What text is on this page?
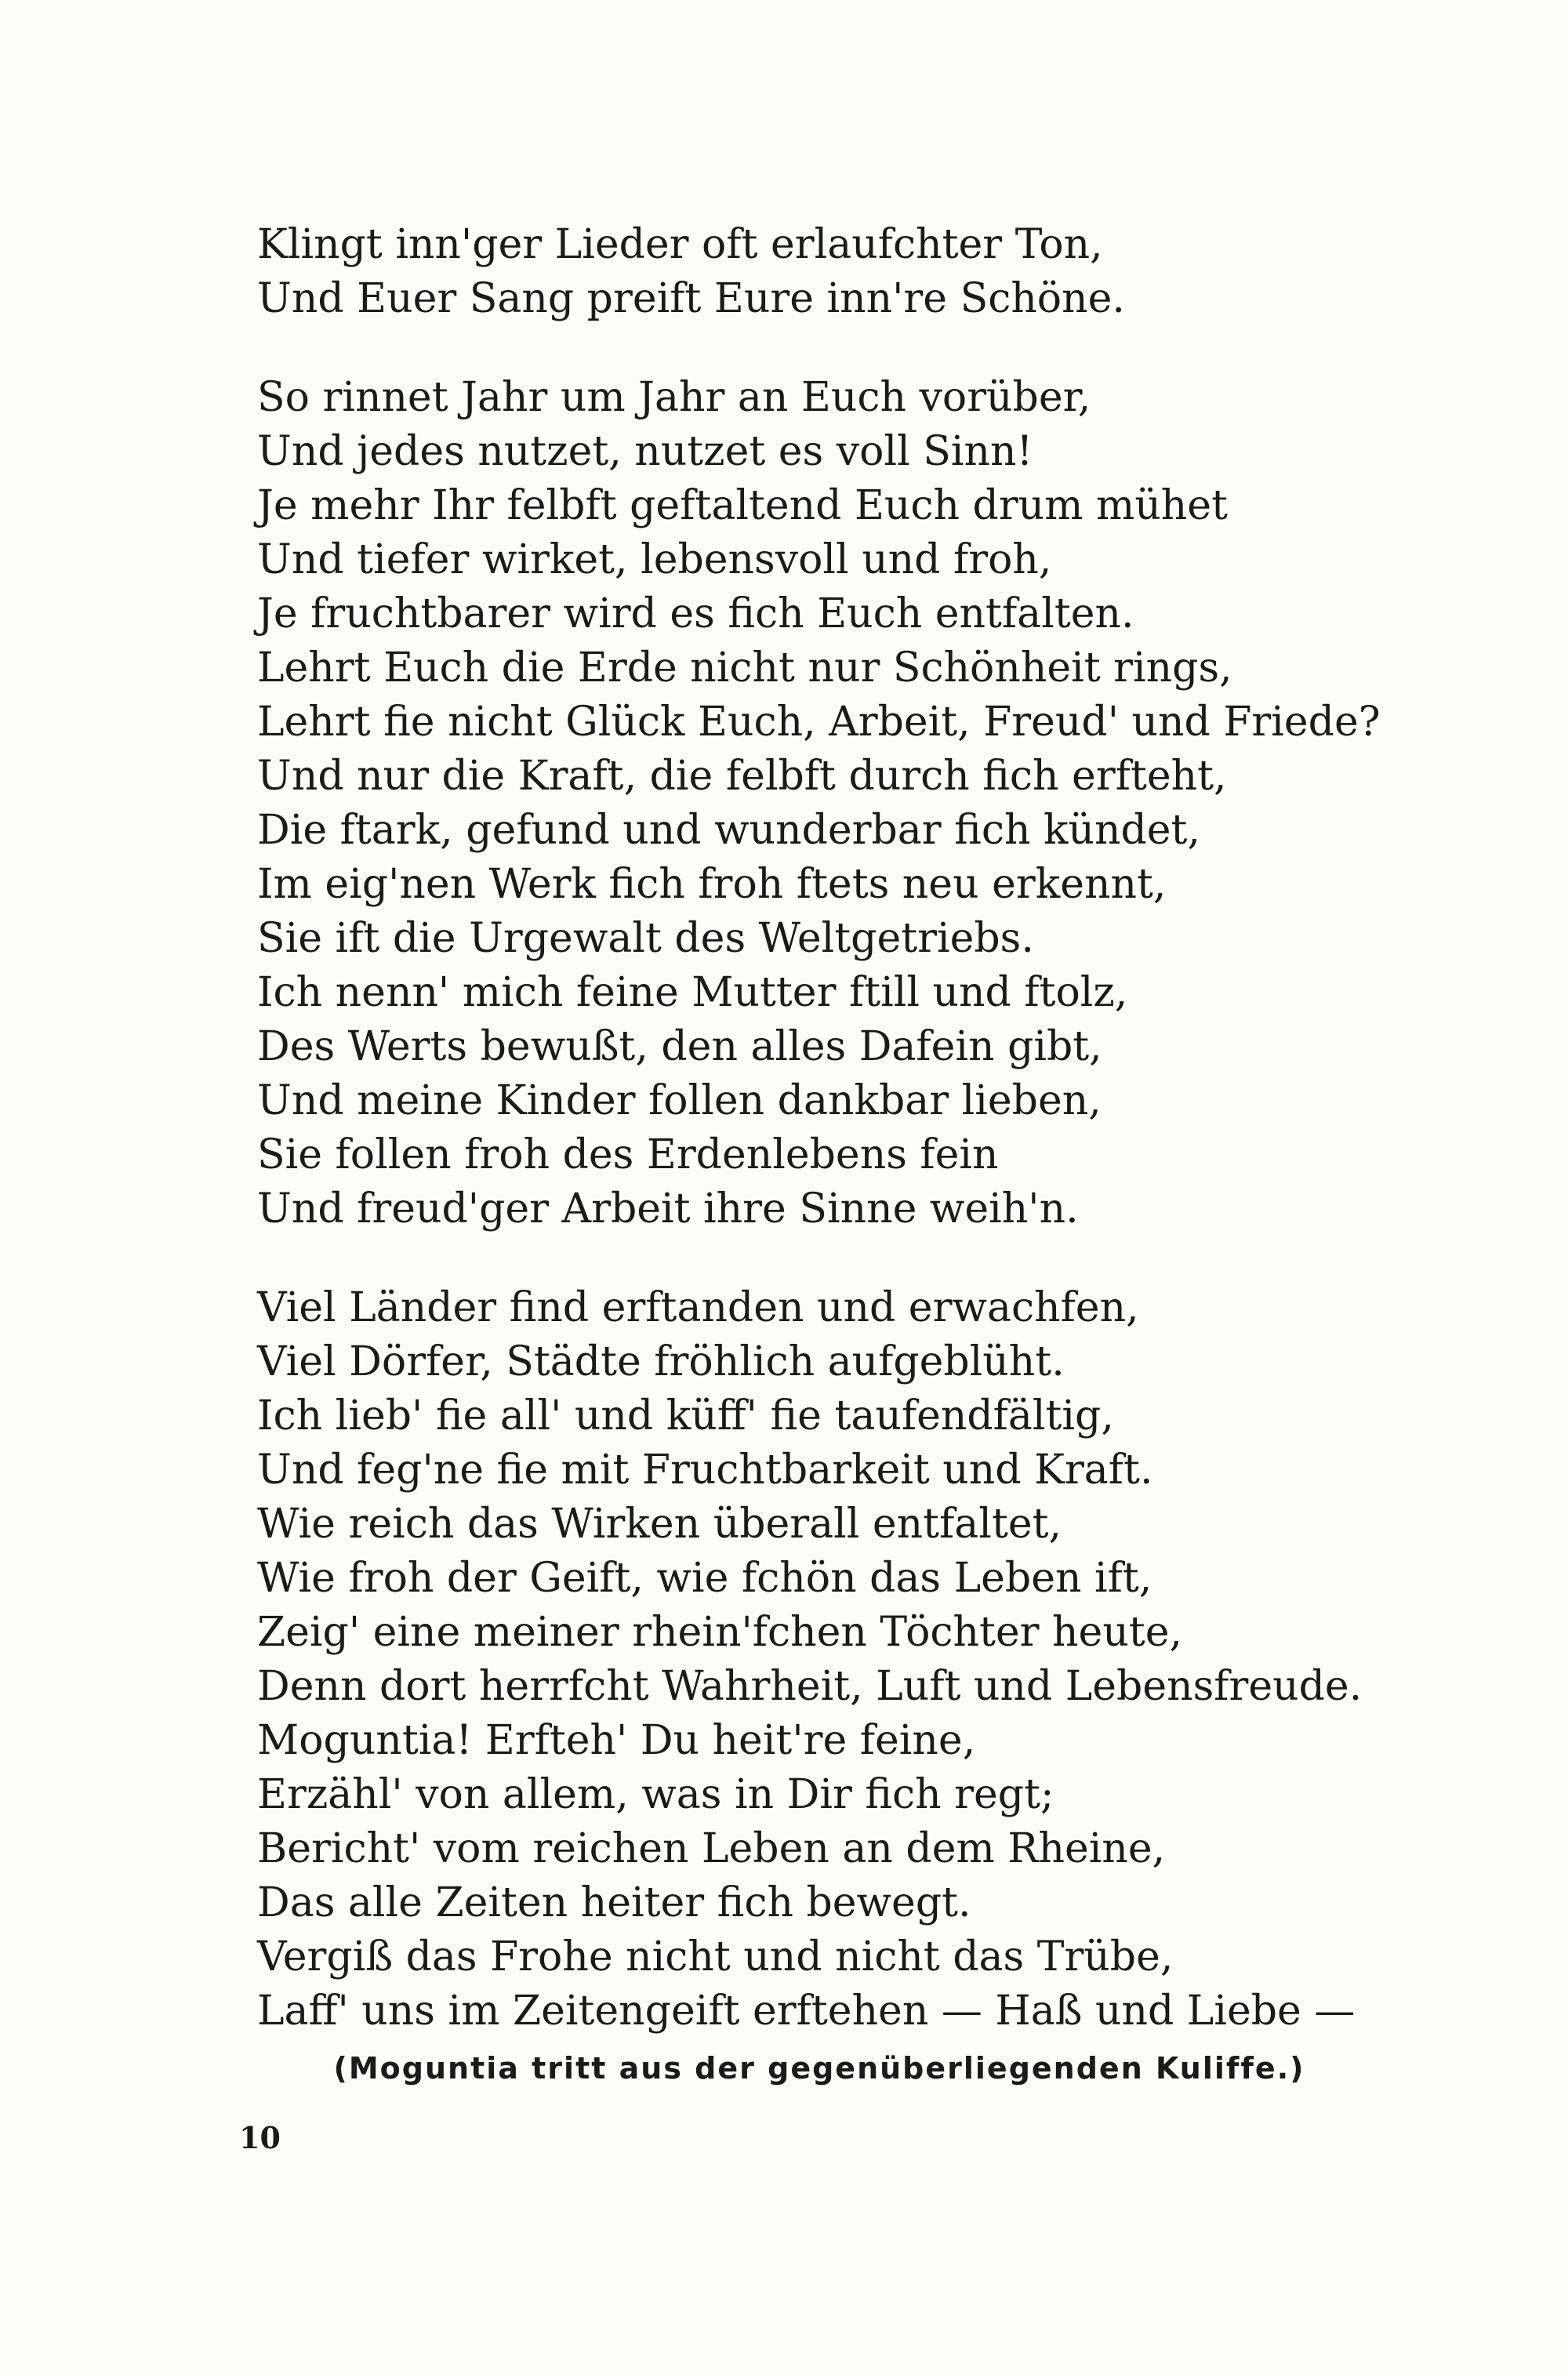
Klingt inn'ger Lieder oft erlaufchter Ton,
Und Euer Sang preift Eure inn're Schöne.
So rinnet Jahr um Jahr an Euch vorüber,
Und jedes nutzet, nutzet es voll Sinn!
Je mehr Ihr felbft geftaltend Euch drum mühet
Und tiefer wirket, lebensvoll und froh,
Je fruchtbarer wird es fich Euch entfalten.
Lehrt Euch die Erde nicht nur Schönheit rings,
Lehrt fie nicht Glück Euch, Arbeit, Freud' und Friede?
Und nur die Kraft, die felbft durch fich erfteht,
Die ftark, gefund und wunderbar fich kündet,
Im eig'nen Werk fich froh ftets neu erkennt,
Sie ift die Urgewalt des Weltgetriebs.
Ich nenn' mich feine Mutter ftill und ftolz,
Des Werts bewußt, den alles Dafein gibt,
Und meine Kinder follen dankbar lieben,
Sie follen froh des Erdenlebens fein
Und freud'ger Arbeit ihre Sinne weih'n.
Viel Länder find erftanden und erwachfen,
Viel Dörfer, Städte fröhlich aufgeblüht.
Ich lieb' fie all' und küff' fie taufendfältig,
Und feg'ne fie mit Fruchtbarkeit und Kraft.
Wie reich das Wirken überall entfaltet,
Wie froh der Geift, wie fchön das Leben ift,
Zeig' eine meiner rhein'fchen Töchter heute,
Denn dort herrfcht Wahrheit, Luft und Lebensfreude.
Moguntia! Erfteh' Du heit're feine,
Erzähl' von allem, was in Dir fich regt;
Bericht' vom reichen Leben an dem Rheine,
Das alle Zeiten heiter fich bewegt.
Vergiß das Frohe nicht und nicht das Trübe,
Laff' uns im Zeitengeift erftehen — Haß und Liebe —
(Moguntia tritt aus der gegenüberliegenden Kuliffe.)
10
